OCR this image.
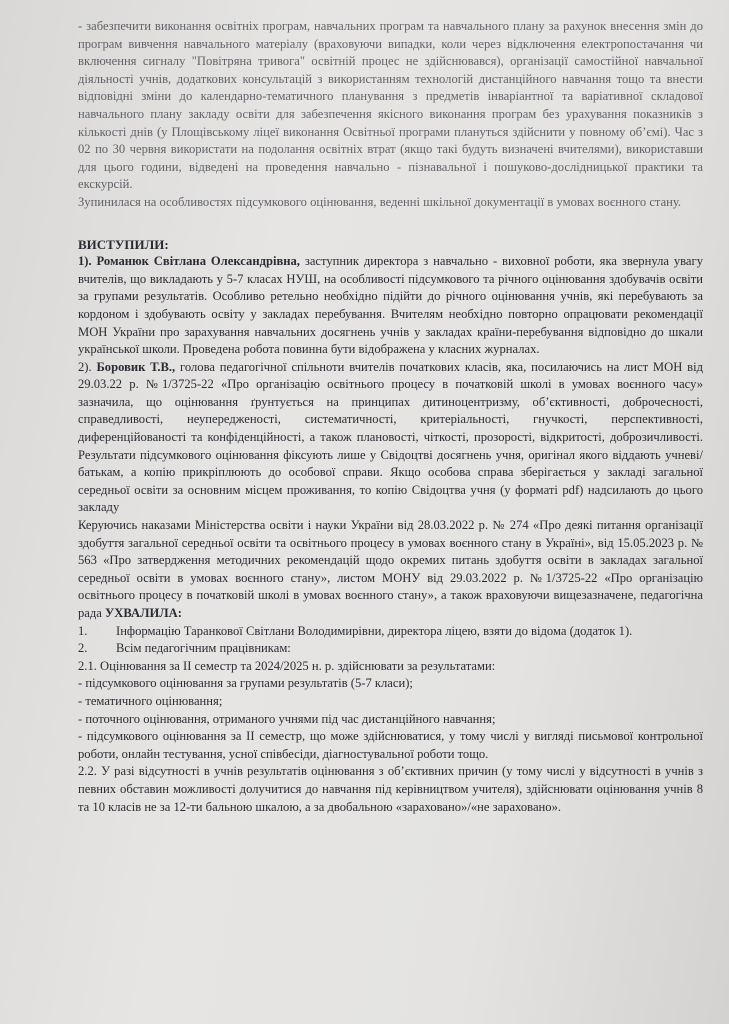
- забезпечити виконання освітніх програм, навчальних програм та навчального плану за рахунок внесення змін до програм вивчення навчального матеріалу (враховуючи випадки, коли через відключення електропостачання чи включення сигналу "Повітряна тривога" освітній процес не здійснювався), організації самостійної навчальної діяльності учнів, додаткових консультацій з використанням технологій дистанційного навчання тощо та внести відповідні зміни до календарно-тематичного планування з предметів інваріантної та варіативної складової навчального плану закладу освіти для забезпечення якісного виконання програм без урахування показників з кількості днів (у Площівському ліцеї виконання Освітньої програми плануться здійснити у повному об’ємі). Час з 02 по 30 червня використати на подолання освітніх втрат (якщо такі будуть визначені вчителями), використавши для цього години, відведені на проведення навчально - пізнавальної і пошуково-дослідницької практики та екскурсій.

Зупинилася на особливостях підсумкового оцінювання, веденні шкільної документації в умовах воєнного стану.

ВИСТУПИЛИ:

1). Романюк Світлана Олександрівна, заступник директора з навчально - виховної роботи, яка звернула увагу вчителів, що викладають у 5-7 класах НУШ, на особливості підсумкового та річного оцінювання здобувачів освіти за групами результатів. Особливо ретельно необхідно підійти до річного оцінювання учнів, які перебувають за кордоном і здобувають освіту у закладах перебування. Вчителям необхідно повторно опрацювати рекомендації МОН України про зарахування навчальних досягнень учнів у закладах країни-перебування відповідно до шкали української школи. Проведена робота повинна бути відображена у класних журналах.

2). Боровик Т.В., голова педагогічної спільноти вчителів початкових класів, яка, посилаючись на лист МОН від 29.03.22 р. №1/3725-22 «Про організацію освітнього процесу в початковій школі в умовах воєнного часу» зазначила, що оцінювання ґрунтується на принципах дитиноцентризму, об’єктивності, доброчесності, справедливості, неупередженості, систематичності, критеріальності, гнучкості, перспективності, диференційованості та конфіденційності, а також плановості, чіткості, прозорості, відкритості, доброзичливості. Результати підсумкового оцінювання фіксують лише у Свідоцтві досягнень учня, оригінал якого віддають учневі/батькам, а копію прикріплюють до особової справи. Якщо особова справа зберігається у закладі загальної середньої освіти за основним місцем проживання, то копію Свідоцтва учня (у форматі pdf) надсилають до цього закладу

Керуючись наказами Міністерства освіти і науки України від 28.03.2022 р. № 274 «Про деякі питання організації здобуття загальної середньої освіти та освітнього процесу в умовах воєнного стану в Україні», від 15.05.2023 р. № 563 «Про затвердження методичних рекомендацій щодо окремих питань здобуття освіти в закладах загальної середньої освіти в умовах воєнного стану», листом МОНУ від 29.03.2022 р. №1/3725-22 «Про організацію освітнього процесу в початковій школі в умовах воєнного стану», а також враховуючи вищезазначене, педагогічна рада УХВАЛИЛА:

1.	Інформацію Таранкової Світлани Володимирівни, директора ліцею, взяти до відома (додаток 1).
2.	Всім педагогічним працівникам:

2.1. Оцінювання за ІІ семестр та 2024/2025 н. р. здійснювати за результатами:

- підсумкового оцінювання за групами результатів (5-7 класи);

- тематичного оцінювання;

- поточного оцінювання, отриманого учнями під час дистанційного навчання;

- підсумкового оцінювання за ІІ семестр, що може здійснюватися, у тому числі у вигляді письмової контрольної роботи, онлайн тестування, усної співбесіди, діагностувальної роботи тощо.

2.2. У разі відсутності в учнів результатів оцінювання з об’єктивних причин (у тому числі у відсутності в учнів з певних обставин можливості долучитися до навчання під керівництвом учителя), здійснювати оцінювання учнів 8 та 10 класів не за 12-ти бальною шкалою, а за двобальною «зараховано»/«не зараховано».
